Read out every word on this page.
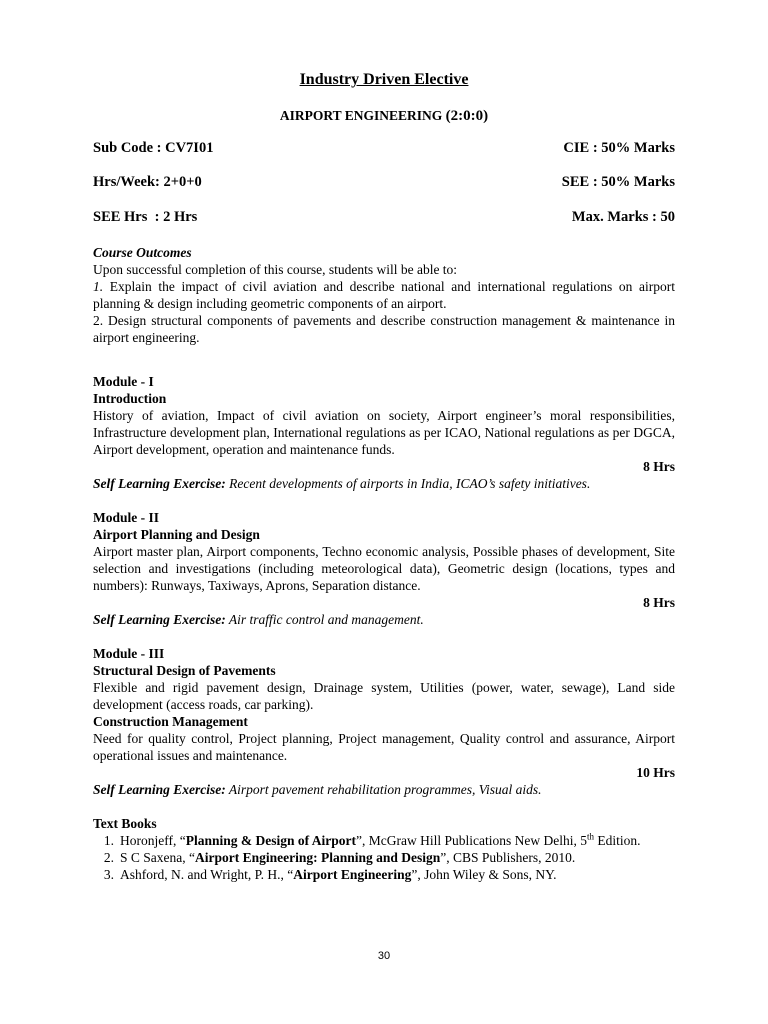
Industry Driven Elective
AIRPORT ENGINEERING (2:0:0)
Sub Code : CV7I01	CIE : 50% Marks
Hrs/Week: 2+0+0	SEE : 50% Marks
SEE Hrs  : 2 Hrs	Max. Marks : 50

Course Outcomes

Upon successful completion of this course, students will be able to:

1. Explain the impact of civil aviation and describe national and international regulations on airport planning & design including geometric components of an airport.

2. Design structural components of pavements and describe construction management & maintenance in airport engineering.

Module - I

Introduction

History of aviation, Impact of civil aviation on society, Airport engineer’s moral responsibilities, Infrastructure development plan, International regulations as per ICAO, National regulations as per DGCA, Airport development, operation and maintenance funds.

8 Hrs

Self Learning Exercise: Recent developments of airports in India, ICAO’s safety initiatives.

Module - II

Airport Planning and Design

Airport master plan, Airport components, Techno economic analysis, Possible phases of development, Site selection and investigations (including meteorological data), Geometric design (locations, types and numbers): Runways, Taxiways, Aprons, Separation distance.

8 Hrs

Self Learning Exercise: Air traffic control and management.

Module - III

Structural Design of Pavements

Flexible and rigid pavement design, Drainage system, Utilities (power, water, sewage), Land side development (access roads, car parking).

Construction Management

Need for quality control, Project planning, Project management, Quality control and assurance, Airport operational issues and maintenance.

10 Hrs

Self Learning Exercise: Airport pavement rehabilitation programmes, Visual aids.

Text Books

1. Horonjeff, “Planning & Design of Airport”, McGraw Hill Publications New Delhi, 5th Edition.
2. S C Saxena, “Airport Engineering: Planning and Design”, CBS Publishers, 2010.
3. Ashford, N. and Wright, P. H., “Airport Engineering”, John Wiley & Sons, NY.
30
